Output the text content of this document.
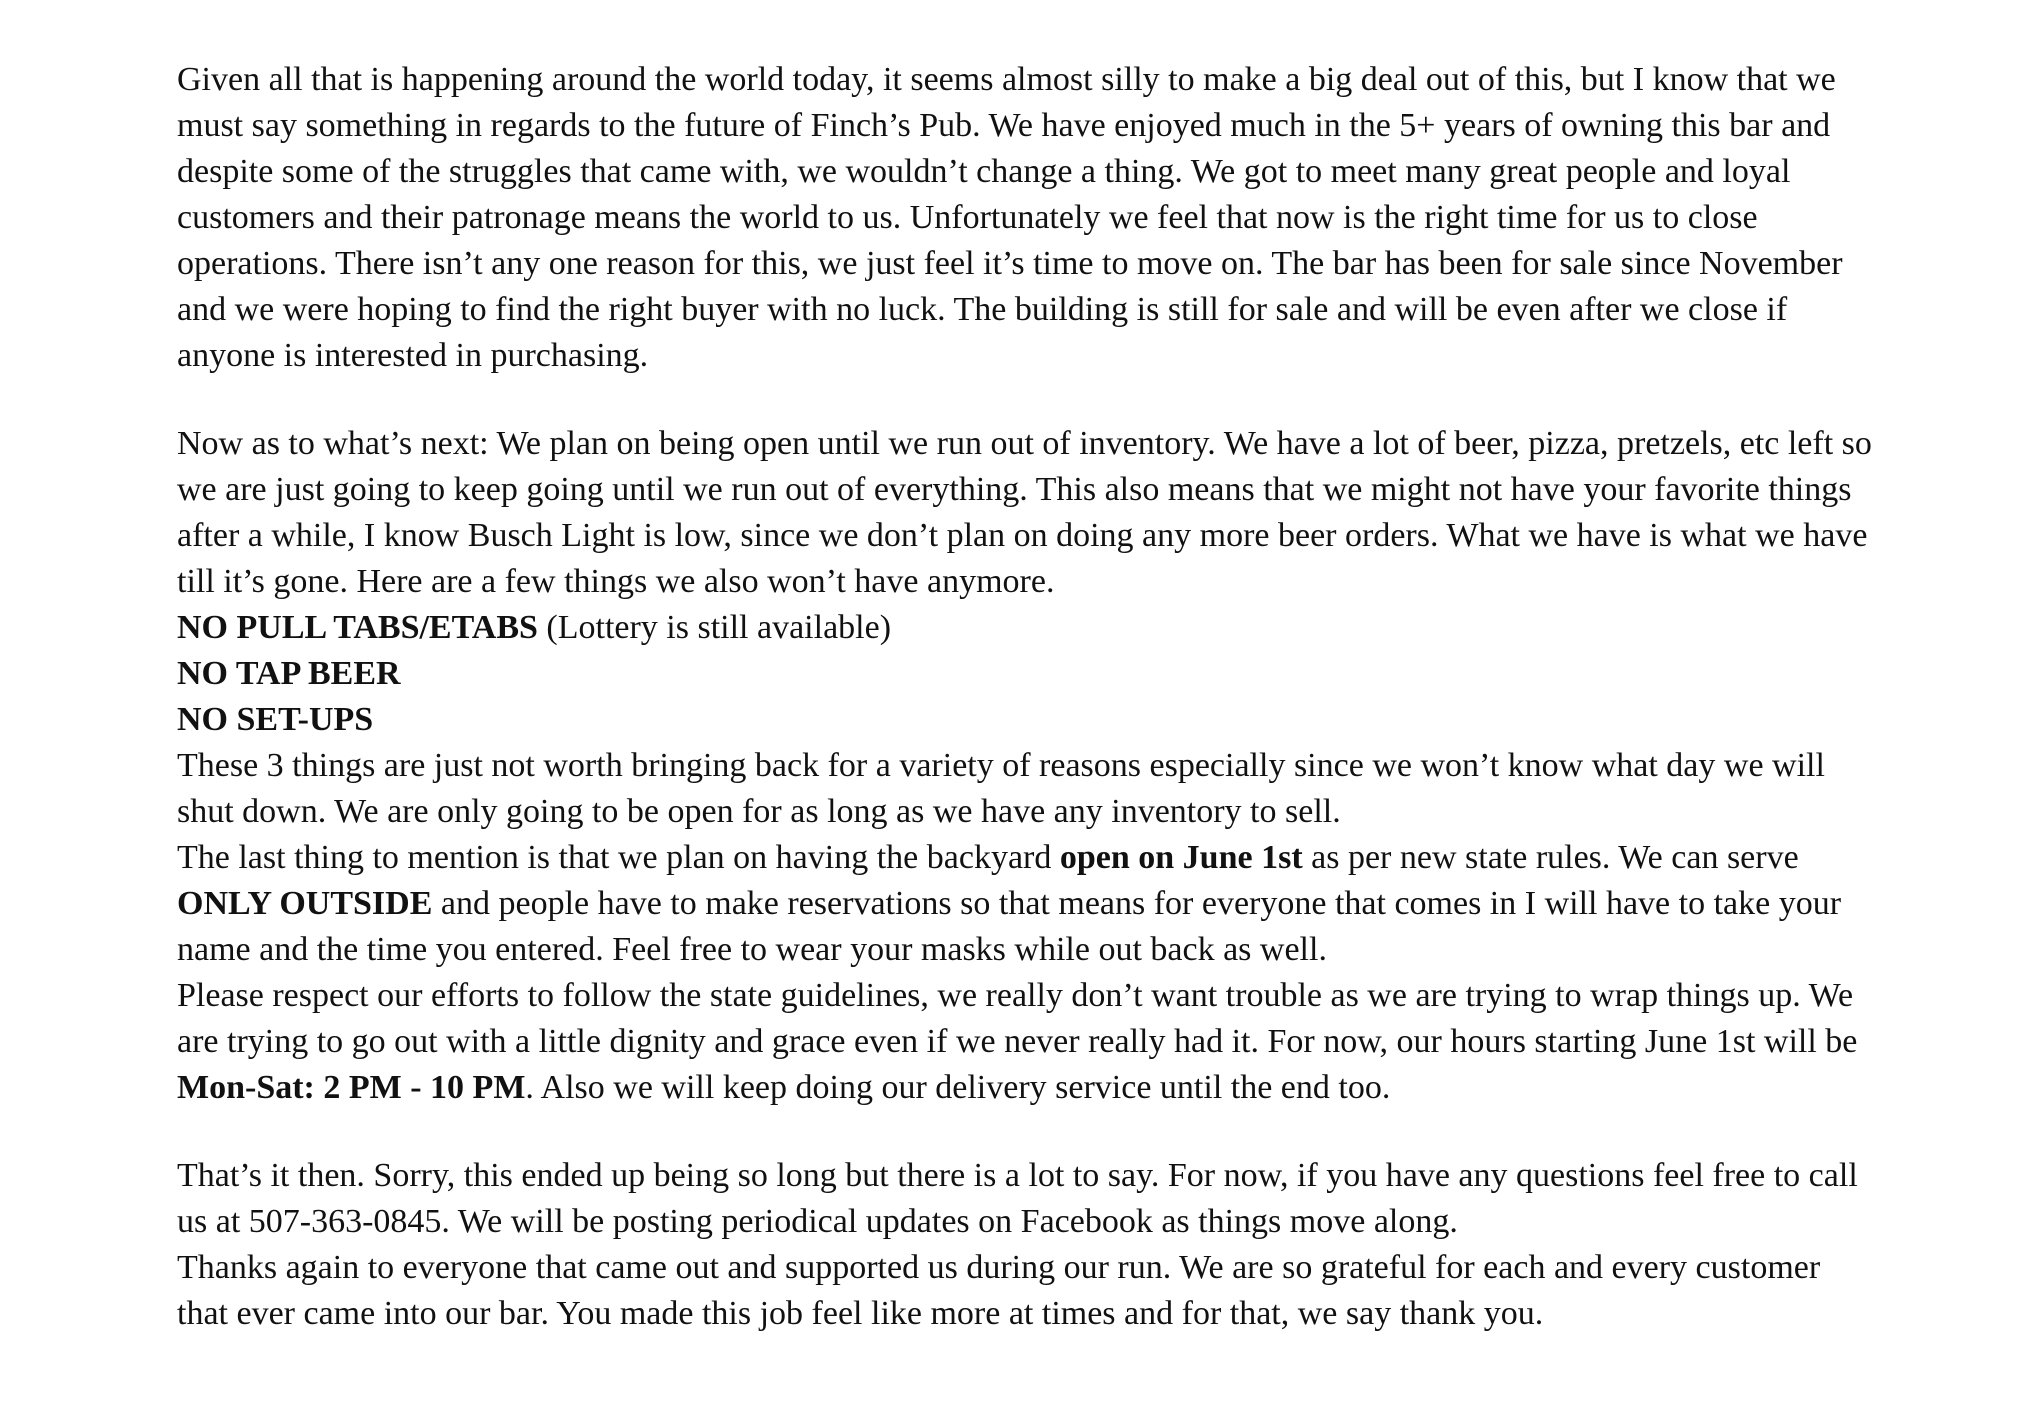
Given all that is happening around the world today, it seems almost silly to make a big deal out of this, but I know that we must say something in regards to the future of Finch’s Pub. We have enjoyed much in the 5+ years of owning this bar and despite some of the struggles that came with, we wouldn’t change a thing. We got to meet many great people and loyal customers and their patronage means the world to us. Unfortunately we feel that now is the right time for us to close operations. There isn’t any one reason for this, we just feel it’s time to move on. The bar has been for sale since November and we were hoping to find the right buyer with no luck. The building is still for sale and will be even after we close if anyone is interested in purchasing.

Now as to what’s next: We plan on being open until we run out of inventory. We have a lot of beer, pizza, pretzels, etc left so we are just going to keep going until we run out of everything. This also means that we might not have your favorite things after a while, I know Busch Light is low, since we don’t plan on doing any more beer orders. What we have is what we have till it’s gone. Here are a few things we also won’t have anymore.

NO PULL TABS/ETABS (Lottery is still available)

NO TAP BEER

NO SET-UPS

These 3 things are just not worth bringing back for a variety of reasons especially since we won’t know what day we will shut down. We are only going to be open for as long as we have any inventory to sell.

The last thing to mention is that we plan on having the backyard open on June 1st as per new state rules. We can serve ONLY OUTSIDE and people have to make reservations so that means for everyone that comes in I will have to take your name and the time you entered. Feel free to wear your masks while out back as well.

Please respect our efforts to follow the state guidelines, we really don’t want trouble as we are trying to wrap things up. We are trying to go out with a little dignity and grace even if we never really had it. For now, our hours starting June 1st will be Mon-Sat: 2 PM - 10 PM. Also we will keep doing our delivery service until the end too.

That’s it then. Sorry, this ended up being so long but there is a lot to say. For now, if you have any questions feel free to call us at 507-363-0845. We will be posting periodical updates on Facebook as things move along.

Thanks again to everyone that came out and supported us during our run. We are so grateful for each and every customer that ever came into our bar. You made this job feel like more at times and for that, we say thank you.
